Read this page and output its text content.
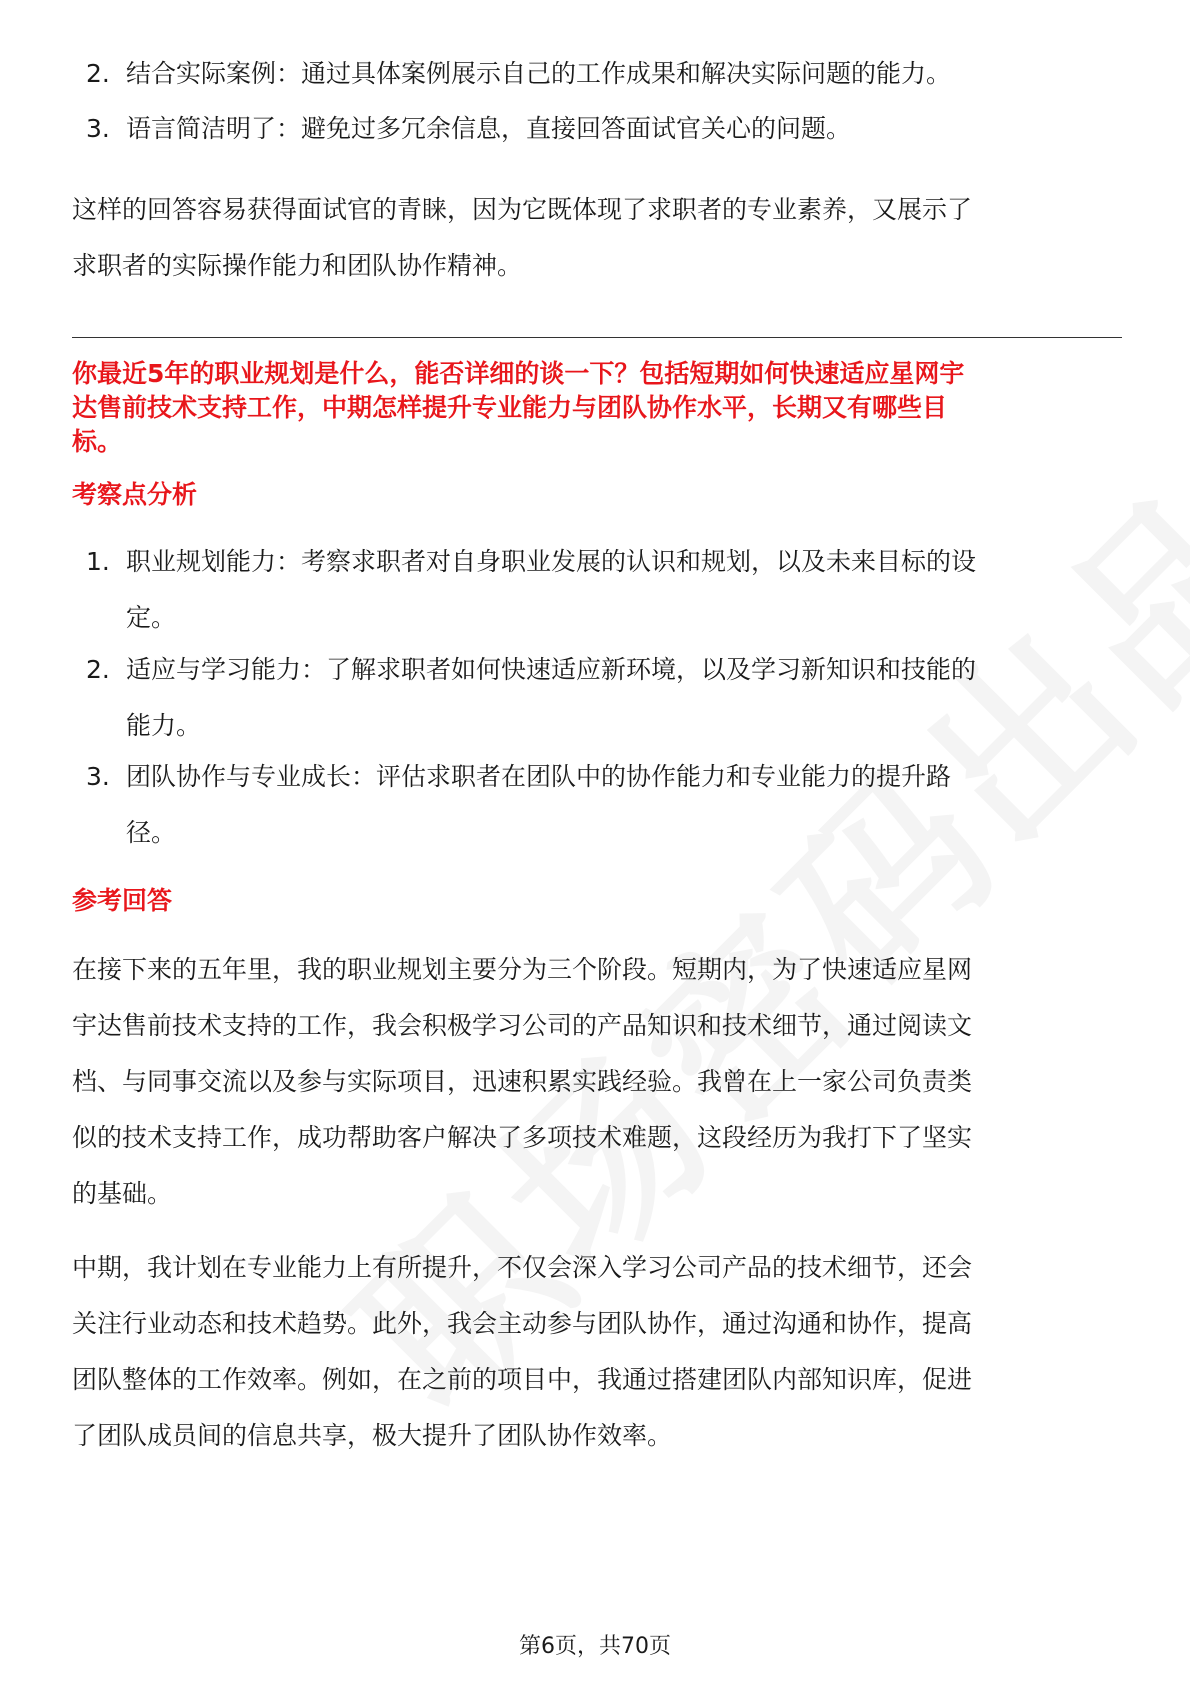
2. 结合实际案例：通过具体案例展示自己的工作成果和解决实际问题的能力。
3. 语言简洁明了：避免过多冗余信息，直接回答面试官关心的问题。
这样的回答容易获得面试官的青睐，因为它既体现了求职者的专业素养，又展示了
求职者的实际操作能力和团队协作精神。
你最近5年的职业规划是什么，能否详细的谈一下？包括短期如何快速适应星网宇
达售前技术支持工作，中期怎样提升专业能力与团队协作水平，长期又有哪些目
标。
考察点分析
1. 职业规划能力：考察求职者对自身职业发展的认识和规划，以及未来目标的设
定。
2. 适应与学习能力：了解求职者如何快速适应新环境，以及学习新知识和技能的
能力。
3. 团队协作与专业成长：评估求职者在团队中的协作能力和专业能力的提升路
径。
参考回答
在接下来的五年里，我的职业规划主要分为三个阶段。短期内，为了快速适应星网
宇达售前技术支持的工作，我会积极学习公司的产品知识和技术细节，通过阅读文
档、与同事交流以及参与实际项目，迅速积累实践经验。我曾在上一家公司负责类
似的技术支持工作，成功帮助客户解决了多项技术难题，这段经历为我打下了坚实
的基础。
中期，我计划在专业能力上有所提升，不仅会深入学习公司产品的技术细节，还会
关注行业动态和技术趋势。此外，我会主动参与团队协作，通过沟通和协作，提高
团队整体的工作效率。例如，在之前的项目中，我通过搭建团队内部知识库，促进
了团队成员间的信息共享，极大提升了团队协作效率。
第6页，共70页
